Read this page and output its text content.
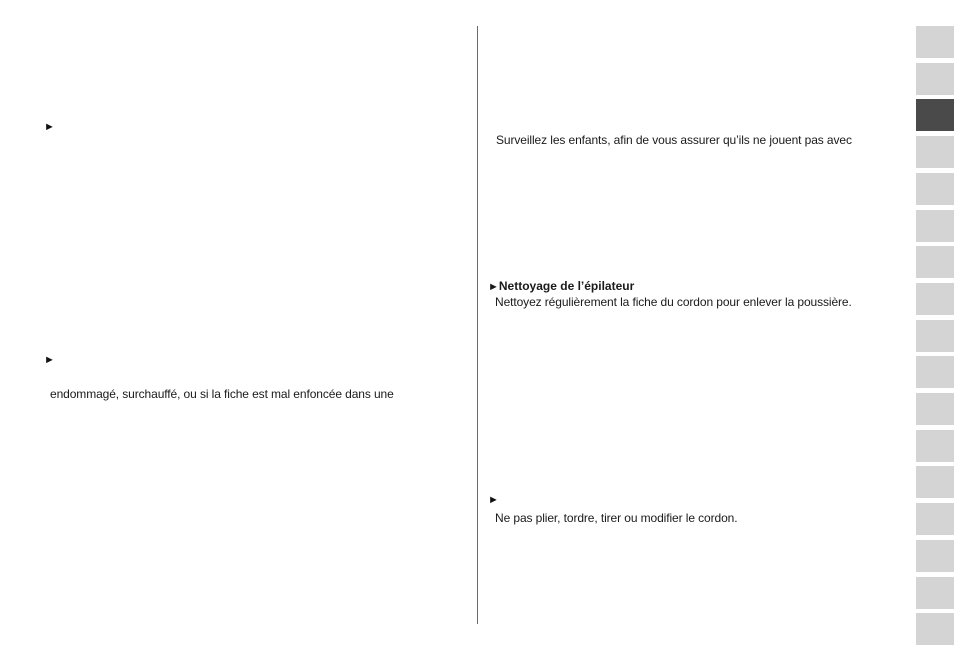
►
►
endommagé, surchauffé, ou si la fiche est mal enfoncée dans une
Surveillez les enfants, afin de vous assurer qu’ils ne jouent pas avec
►Nettoyage de l’épilateur
Nettoyez régulièrement la fiche du cordon pour enlever la poussière.
►
Ne pas plier, tordre, tirer ou modifier le cordon.
